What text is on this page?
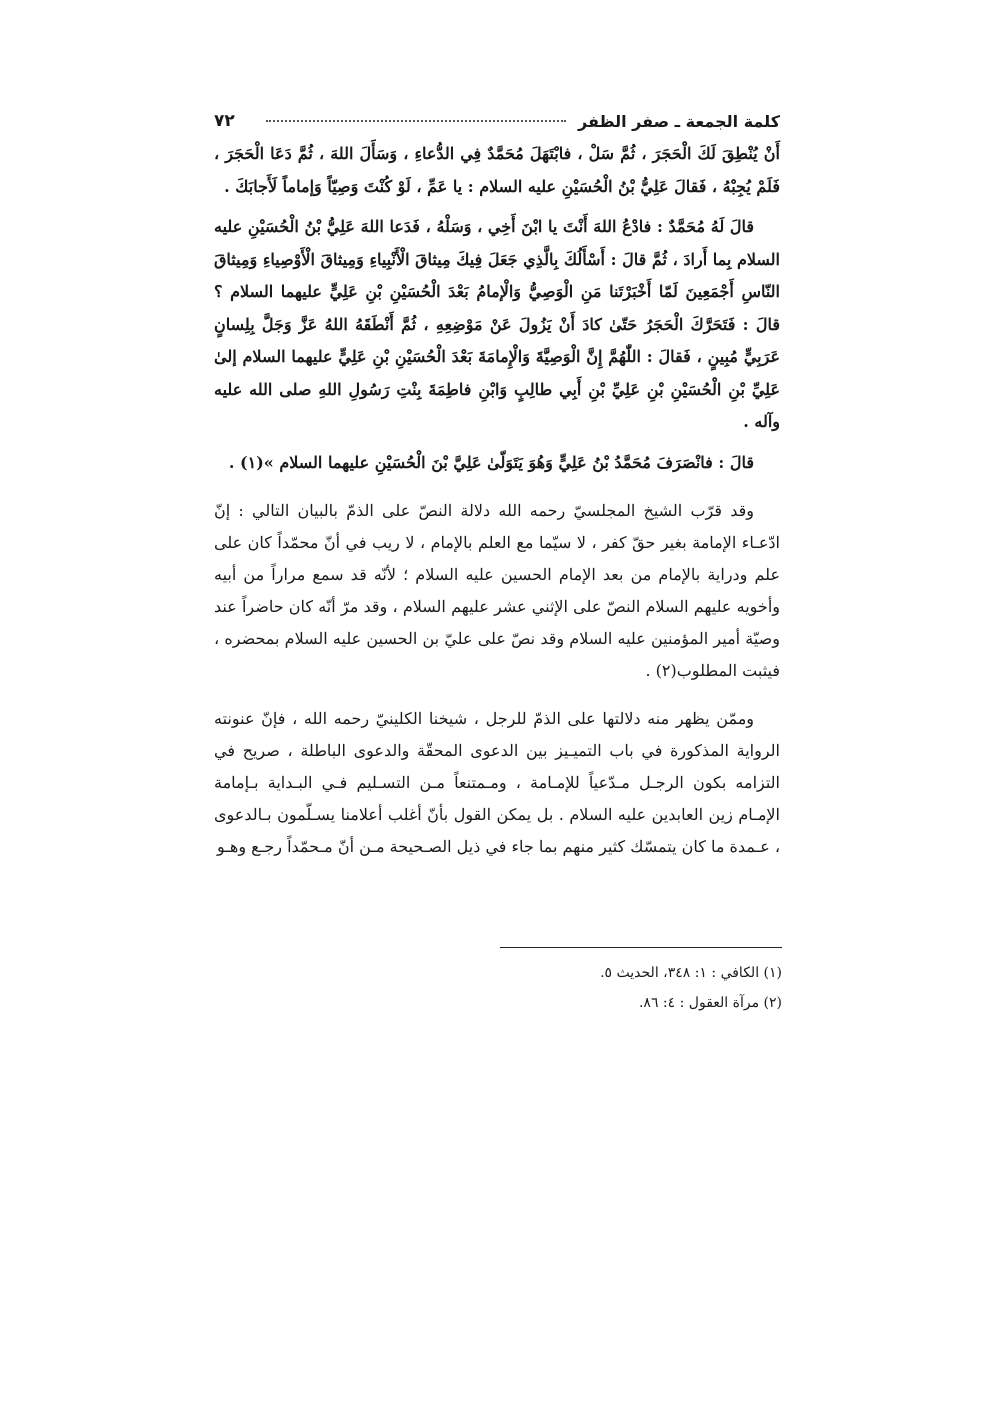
٧٢	كلمة الجمعة ـ صفر الظفر

أَنْ يُنْطِقَ لَكَ الْحَجَرَ ، ثُمَّ سَلْ ، فابْتَهَلَ مُحَمَّدٌ فِي الدُّعاءِ ، وَسَأَلَ اللهَ ، ثُمَّ دَعَا الْحَجَرَ ، فَلَمْ يُجِبْهُ ، فَقالَ عَلِيُّ بْنُ الْحُسَيْنِ عليه السلام : يا عَمِّ ، لَوْ كُنْتَ وَصِيّاً وَإماماً لَأَجابَكَ .

قالَ لَهُ مُحَمَّدٌ : فادْعُ اللهَ أَنْتَ يا ابْنَ أَخِي ، وَسَلْهُ ، فَدَعا اللهَ عَلِيُّ بْنُ الْحُسَيْنِ عليه السلام بِما أَرادَ ، ثُمَّ قالَ : أَسْأَلُكَ بِالَّذِي جَعَلَ فِيكَ مِيثاقَ الْأَنْبِياءِ وَمِيثاقَ الْأَوْصِياءِ وَمِيثاقَ النّاسِ أَجْمَعِينَ لَمّا أَخْبَرْتَنا مَنِ الْوَصِيُّ وَالْإمامُ بَعْدَ الْحُسَيْنِ بْنِ عَلِيٍّ عليهما السلام ؟ قالَ : فَتَحَرَّكَ الْحَجَرُ حَتّىٰ كادَ أَنْ يَزُولَ عَنْ مَوْضِعِهِ ، ثُمَّ أَنْطَقَهُ اللهُ عَزَّ وَجَلَّ بِلِسانٍ عَرَبِيٍّ مُبِينٍ ، فَقالَ : اللّٰهُمَّ إِنَّ الْوَصِيَّةَ وَالْإِمامَةَ بَعْدَ الْحُسَيْنِ بْنِ عَلِيٍّ عليهما السلام إلىٰ عَلِيِّ بْنِ الْحُسَيْنِ بْنِ عَلِيِّ بْنِ أَبِي طالِبٍ وَابْنِ فاطِمَةَ بِنْتِ رَسُولِ اللهِ صلى الله عليه وآله .

قالَ : فانْصَرَفَ مُحَمَّدُ بْنُ عَلِيٍّ وَهُوَ يَتَوَلّىٰ عَلِيَّ بْنَ الْحُسَيْنِ عليهما السلام »(١) .

وقد قرّب الشيخ المجلسيّ رحمه الله دلالة النصّ على الذمّ بالبيان التالي : إنّ ادّعـاء الإمامة بغير حقّ كفر ، لا سيّما مع العلم بالإمام ، لا ريب في أنّ محمّداً كان على علم ودراية بالإمام من بعد الإمام الحسين عليه السلام ؛ لأنّه قد سمع مراراً من أبيه وأخويه عليهم السلام النصّ على الإثني عشر عليهم السلام ، وقد مرّ أنّه كان حاضراً عند وصيّة أمير المؤمنين عليه السلام وقد نصّ على عليّ بن الحسين عليه السلام بمحضره ، فيثبت المطلوب(٢) .

وممّن يظهر منه دلالتها على الذمّ للرجل ، شيخنا الكلينيّ رحمه الله ، فإنّ عنونته الرواية المذكورة في باب التميـيز بين الدعوى المحقّة والدعوى الباطلة ، صريح في التزامه بكون الرجـل مـدّعياً للإمـامة ، ومـمتنعاً مـن التسـليم فـي البـداية بـإمامة الإمـام زين العابدين عليه السلام . بل يمكن القول بأنّ أغلب أعلامنا يسـلّمون بـالدعوى ، عـمدة ما كان يتمسّك كثير منهم بما جاء في ذيل الصـحيحة مـن أنّ مـحمّداً رجـع وهـو

(١) الكافي : ١: ٣٤٨، الحديث ٥.
(٢) مرآة العقول : ٤: ٨٦.
